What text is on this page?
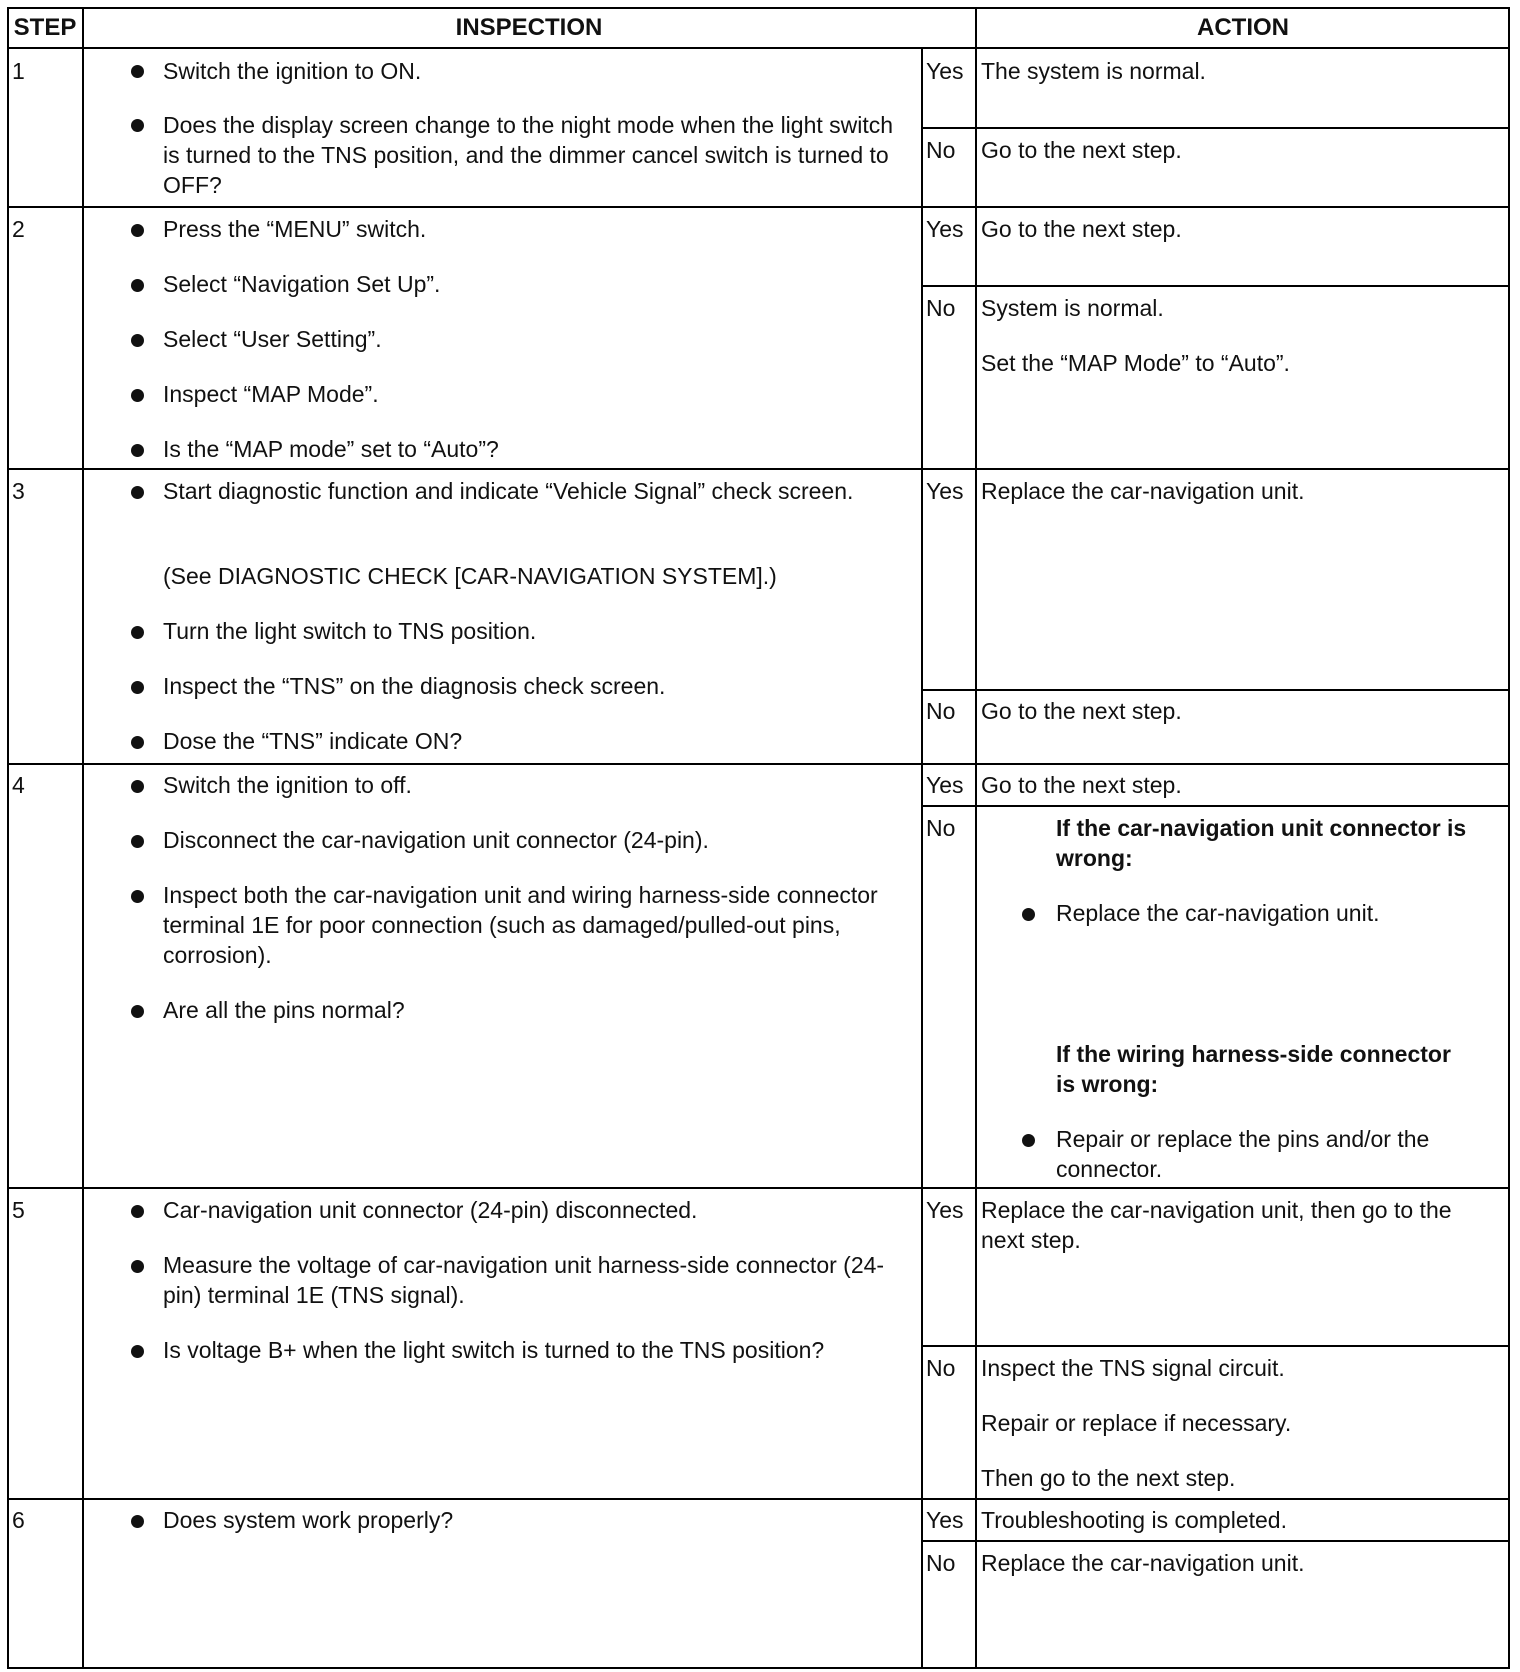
STEP	INSPECTION	ACTION
1	Switch the ignition to ON.
Does the display screen change to the night mode when the light switch is turned to the TNS position, and the dimmer cancel switch is turned to OFF?
Yes The system is normal.
No Go to the next step.
2	Press the “MENU” switch.
Select “Navigation Set Up”.
Select “User Setting”.
Inspect “MAP Mode”.
Is the “MAP mode” set to “Auto”?
Yes Go to the next step.
No System is normal.
Set the “MAP Mode” to “Auto”.
3	Start diagnostic function and indicate “Vehicle Signal” check screen.
(See DIAGNOSTIC CHECK [CAR-NAVIGATION SYSTEM].)
Turn the light switch to TNS position.
Inspect the “TNS” on the diagnosis check screen.
Dose the “TNS” indicate ON?
Yes Replace the car-navigation unit.
No Go to the next step.
4	Switch the ignition to off.
Disconnect the car-navigation unit connector (24-pin).
Inspect both the car-navigation unit and wiring harness-side connector terminal 1E for poor connection (such as damaged/pulled-out pins, corrosion).
Are all the pins normal?
Yes Go to the next step.
No	If the car-navigation unit connector is wrong:
Replace the car-navigation unit.
If the wiring harness-side connector is wrong:
Repair or replace the pins and/or the connector.
5	Car-navigation unit connector (24-pin) disconnected.
Measure the voltage of car-navigation unit harness-side connector (24-pin) terminal 1E (TNS signal).
Is voltage B+ when the light switch is turned to the TNS position?
Yes Replace the car-navigation unit, then go to the next step.
No Inspect the TNS signal circuit.
Repair or replace if necessary.
Then go to the next step.
6	Does system work properly?	Yes Troubleshooting is completed.
No Replace the car-navigation unit.
